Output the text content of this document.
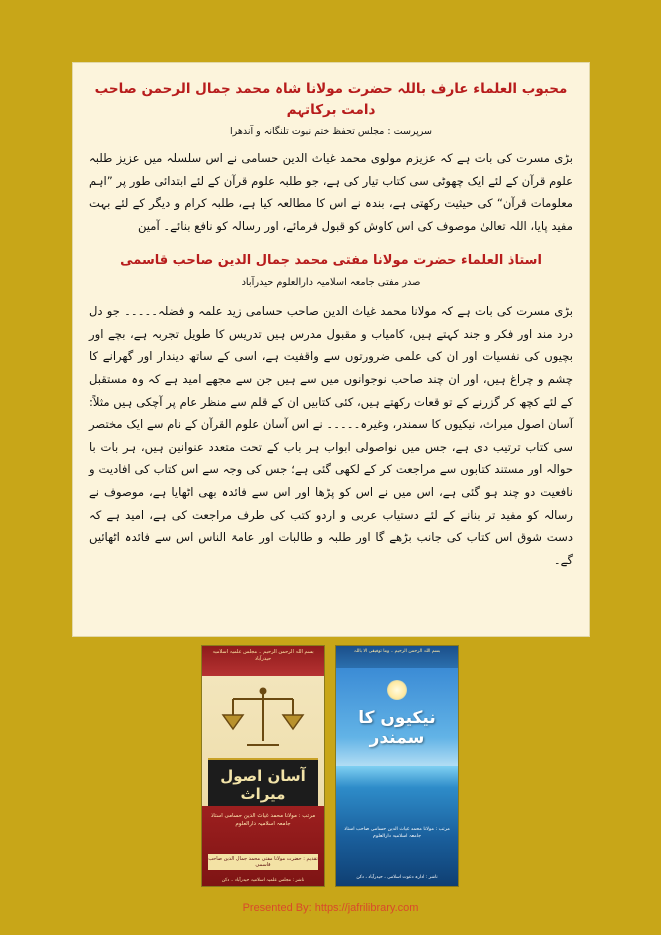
محبوب العلماء عارف باللہ حضرت مولانا شاہ محمد جمال الرحمن صاحب دامت برکاتہم
سرپرست : مجلس تحفظ ختم نبوت تلنگانہ و آندھرا
بڑی مسرت کی بات ہے کہ عزیزم مولوی محمد غیاث الدین حسامی نے اس سلسلہ میں عزیز طلبہ علوم قرآن کے لئے ایک چھوٹی سی کتاب تیار کی ہے، جو طلبہ علوم قرآن کے لئے ابتدائی طور پر ”اہم معلومات قرآن“ کی حیثیت رکھتی ہے، بندہ نے اس کا مطالعہ کیا ہے، طلبہ کرام و دیگر کے لئے بہت مفید پایا، اللہ تعالیٰ موصوف کی اس کاوش کو قبول فرمائے، اور رسالہ کو نافع بنائے۔ آمین
استاذ العلماء حضرت مولانا مفتی محمد جمال الدین صاحب قاسمی
صدر مفتی جامعہ اسلامیہ دارالعلوم حیدرآباد
بڑی مسرت کی بات ہے کہ مولانا محمد غیاث الدین صاحب حسامی زید علمہ و فضلہ۔۔۔۔۔ جو دل درد مند اور فکر و جند کہتے ہیں، کامیاب و مقبول مدرس ہیں تدریس کا طویل تجربہ ہے، بچے اور بچیوں کی نفسیات اور ان کی علمی ضرورتوں سے واقفیت ہے، اسی کے ساتھ دیندار اور گھرانے کا چشم و چراغ ہیں، اور ان چند صاحب نوجوانوں میں سے ہیں جن سے مجھے امید ہے کہ وہ مستقبل کے لئے کچھ کر گزرنے کے تو قعات رکھتے ہیں، کئی کتابیں ان کے قلم سے منظر عام پر آچکی ہیں مثلاً: آسان اصول میراث، نیکیوں کا سمندر، وغیرہ۔۔۔۔۔ نے اس آسان علوم القرآن کے نام سے ایک مختصر سی کتاب ترتیب دی ہے، جس میں نواصولی ابواب ہر باب کے تحت متعدد عنوانین ہیں، ہر بات با حوالہ اور مستند کتابوں سے مراجعت کر کے لکھی گئی ہے؛ جس کی وجہ سے اس کتاب کی افادیت و نافعیت دو چند ہو گئی ہے، اس میں نے اس کو پڑھا اور اس سے فائدہ بھی اٹھایا ہے، موصوف نے رسالہ کو مفید تر بنانے کے لئے دستیاب عربی و اردو کتب کی طرف مراجعت کی ہے، امید ہے کہ دست شوق اس کتاب کی جانب بڑھے گا اور طلبہ و طالبات اور عامۃ الناس اس سے فائدہ اٹھائیں گے۔
بسم اللہ الرحمن الرحیم ۔ مجلس علمیہ اسلامیہ حیدرآباد
آسان اصول میراث
مرتب : مولانا محمد غیاث الدین حسامی استاذ جامعہ اسلامیہ دارالعلوم
تقدیم : حضرت مولانا مفتی محمد جمال الدین صاحب قاسمی
ناشر : مجلس علمیہ اسلامیہ حیدرآباد ۔ دکن
بسم اللہ الرحمن الرحیم ۔ وما توفیقی الا باللہ
نیکیوں کا سمندر
مرتب : مولانا محمد غیاث الدین حسامی صاحب استاذ جامعہ اسلامیہ دارالعلوم
ناشر : ادارہ دعوت اسلامی ، حیدرآباد ، دکن
Presented By: https://jafrilibrary.com
